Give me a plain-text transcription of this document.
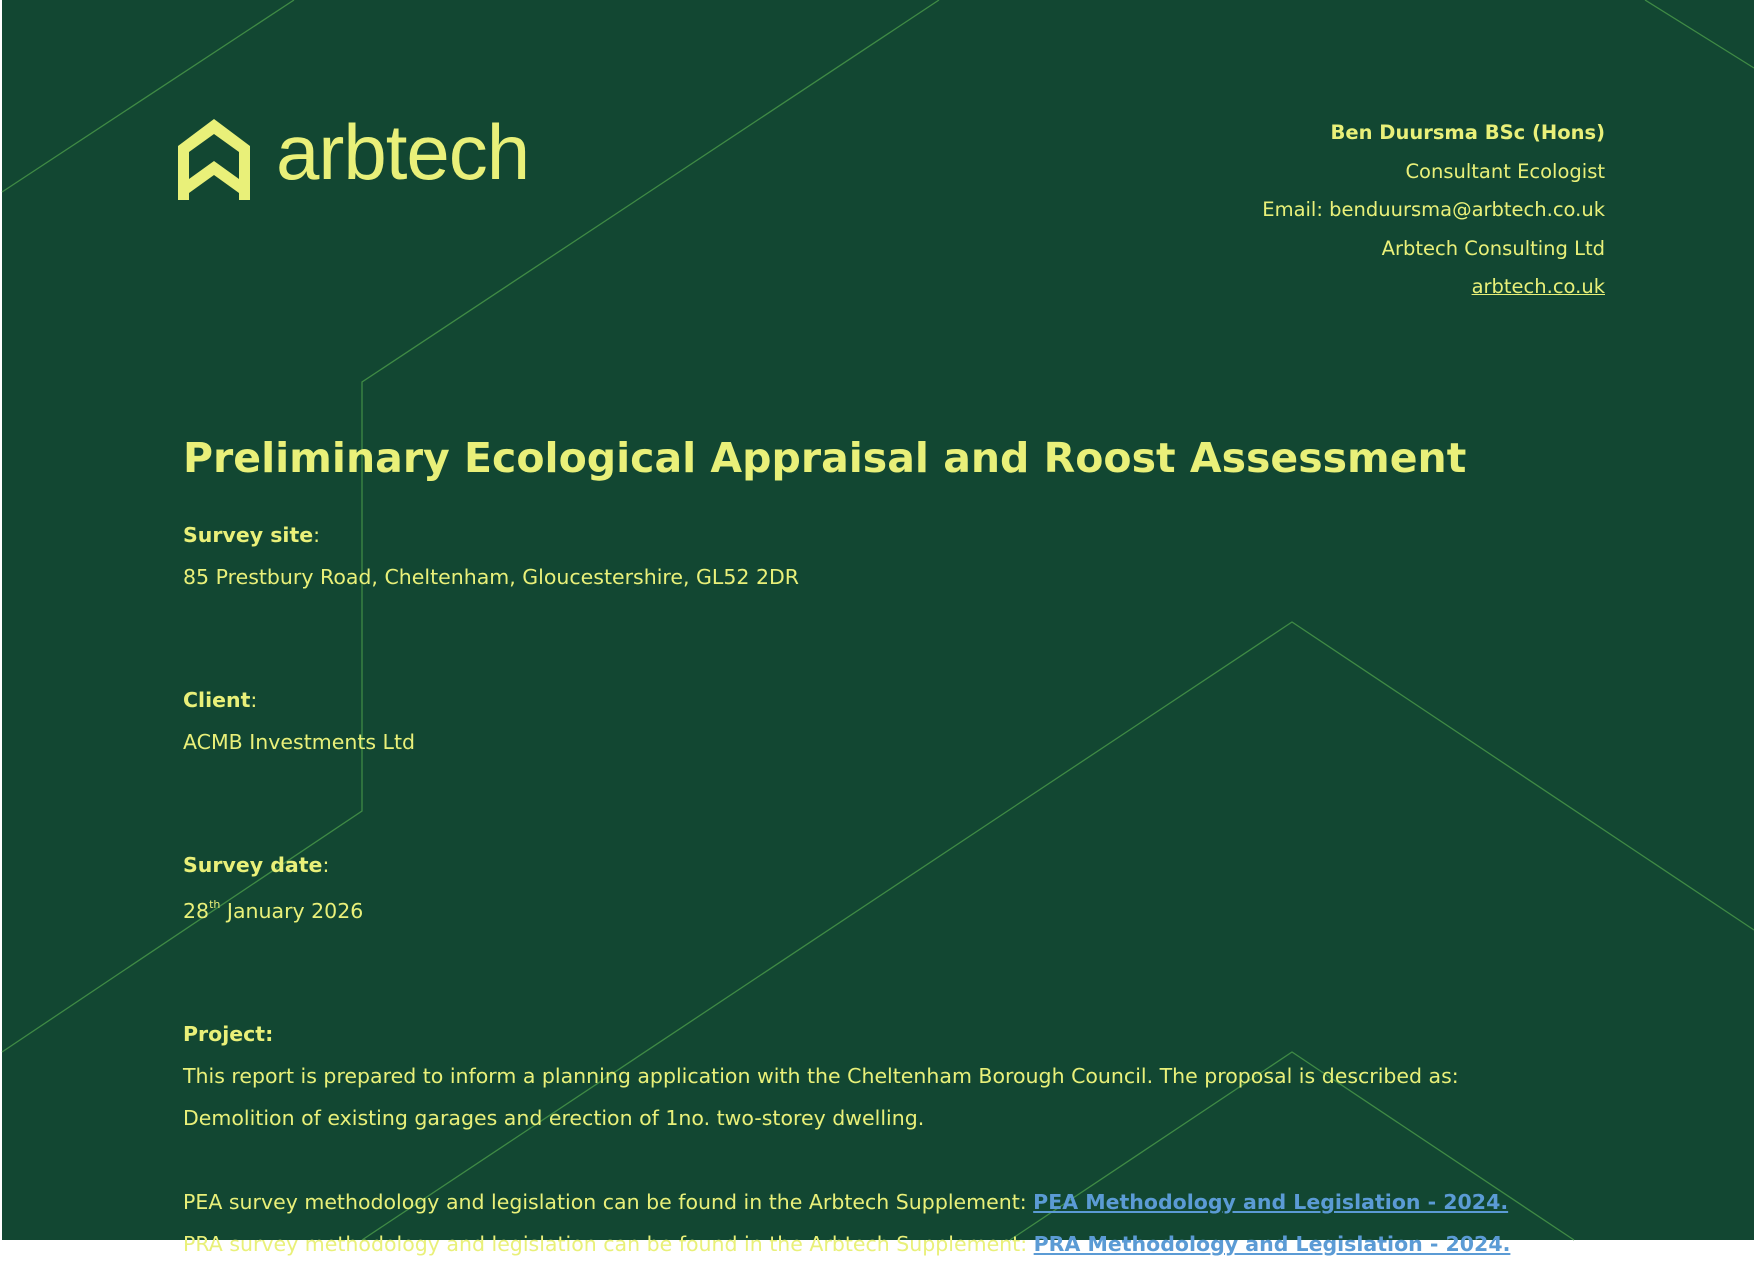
arbtech	Ben Duursma BSc (Hons)
Consultant Ecologist
Email: benduursma@arbtech.co.uk
Arbtech Consulting Ltd
arbtech.co.uk
Preliminary Ecological Appraisal and Roost Assessment
Survey site:
85 Prestbury Road, Cheltenham, Gloucestershire, GL52 2DR
Client:
ACMB Investments Ltd
Survey date:
28th January 2026
Project:
This report is prepared to inform a planning application with the Cheltenham Borough Council. The proposal is described as:
Demolition of existing garages and erection of 1no. two-storey dwelling.
PEA survey methodology and legislation can be found in the Arbtech Supplement: PEA Methodology and Legislation - 2024.
PRA survey methodology and legislation can be found in the Arbtech Supplement: PRA Methodology and Legislation - 2024.
